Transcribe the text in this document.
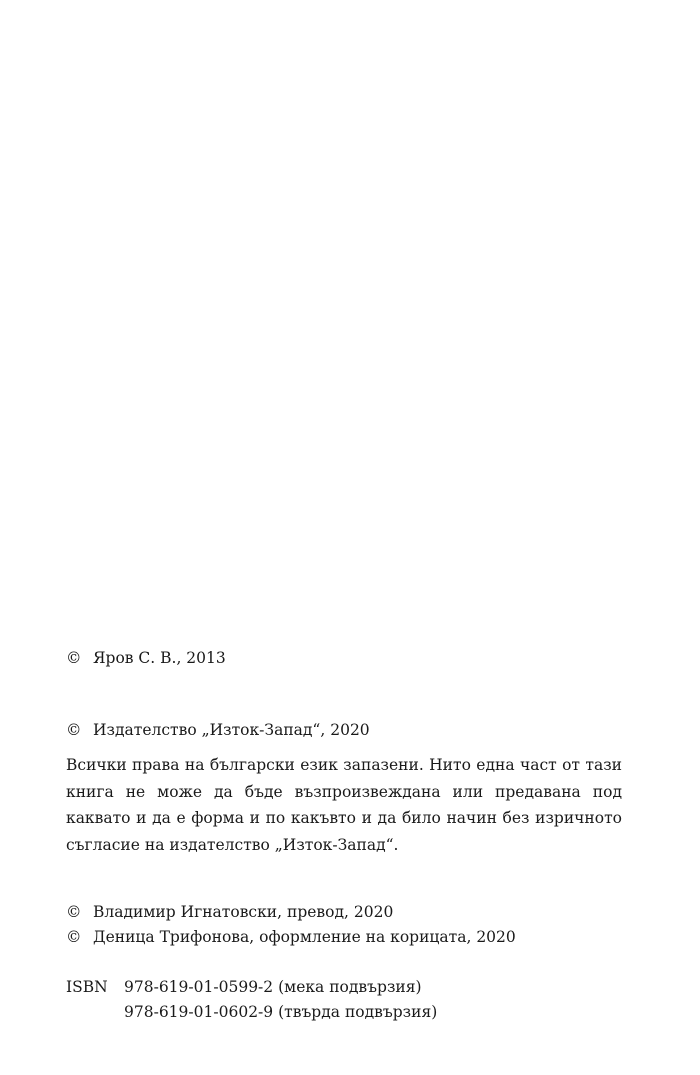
© Яров С. В., 2013
© Издателство „Изток-Запад“, 2020
Всички права на български език запазени. Нито една част от тази книга не може да бъде възпроизвеждана или предавана под каквато и да е форма и по какъвто и да било начин без изричното съгласие на издателство „Изток-Запад“.
© Владимир Игнатовски, превод, 2020
© Деница Трифонова, оформление на корицата, 2020
ISBN	978-619-01-0599-2
(мека подвързия)
978-619-01-0602-9
(твърда подвързия)
